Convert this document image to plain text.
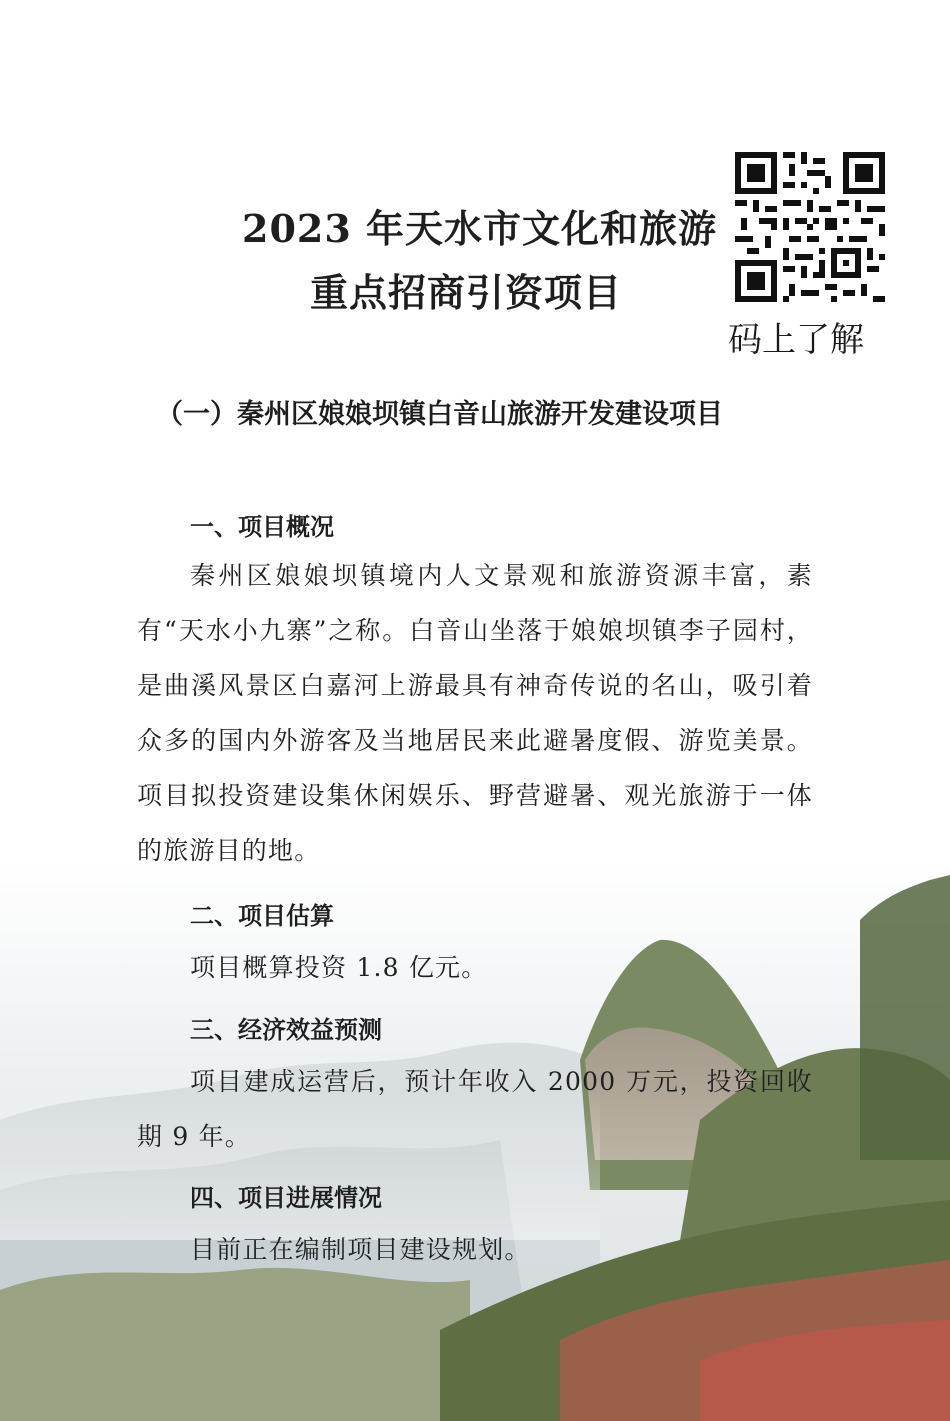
2023 年天水市文化和旅游
重点招商引资项目
码上了解
（一）秦州区娘娘坝镇白音山旅游开发建设项目
一、项目概况

秦州区娘娘坝镇境内人文景观和旅游资源丰富，素有“天水小九寨”之称。白音山坐落于娘娘坝镇李子园村，是曲溪风景区白嘉河上游最具有神奇传说的名山，吸引着众多的国内外游客及当地居民来此避暑度假、游览美景。项目拟投资建设集休闲娱乐、野营避暑、观光旅游于一体的旅游目的地。

二、项目估算

项目概算投资 1.8 亿元。

三、经济效益预测

项目建成运营后，预计年收入 2000 万元，投资回收期 9 年。

四、项目进展情况

目前正在编制项目建设规划。
